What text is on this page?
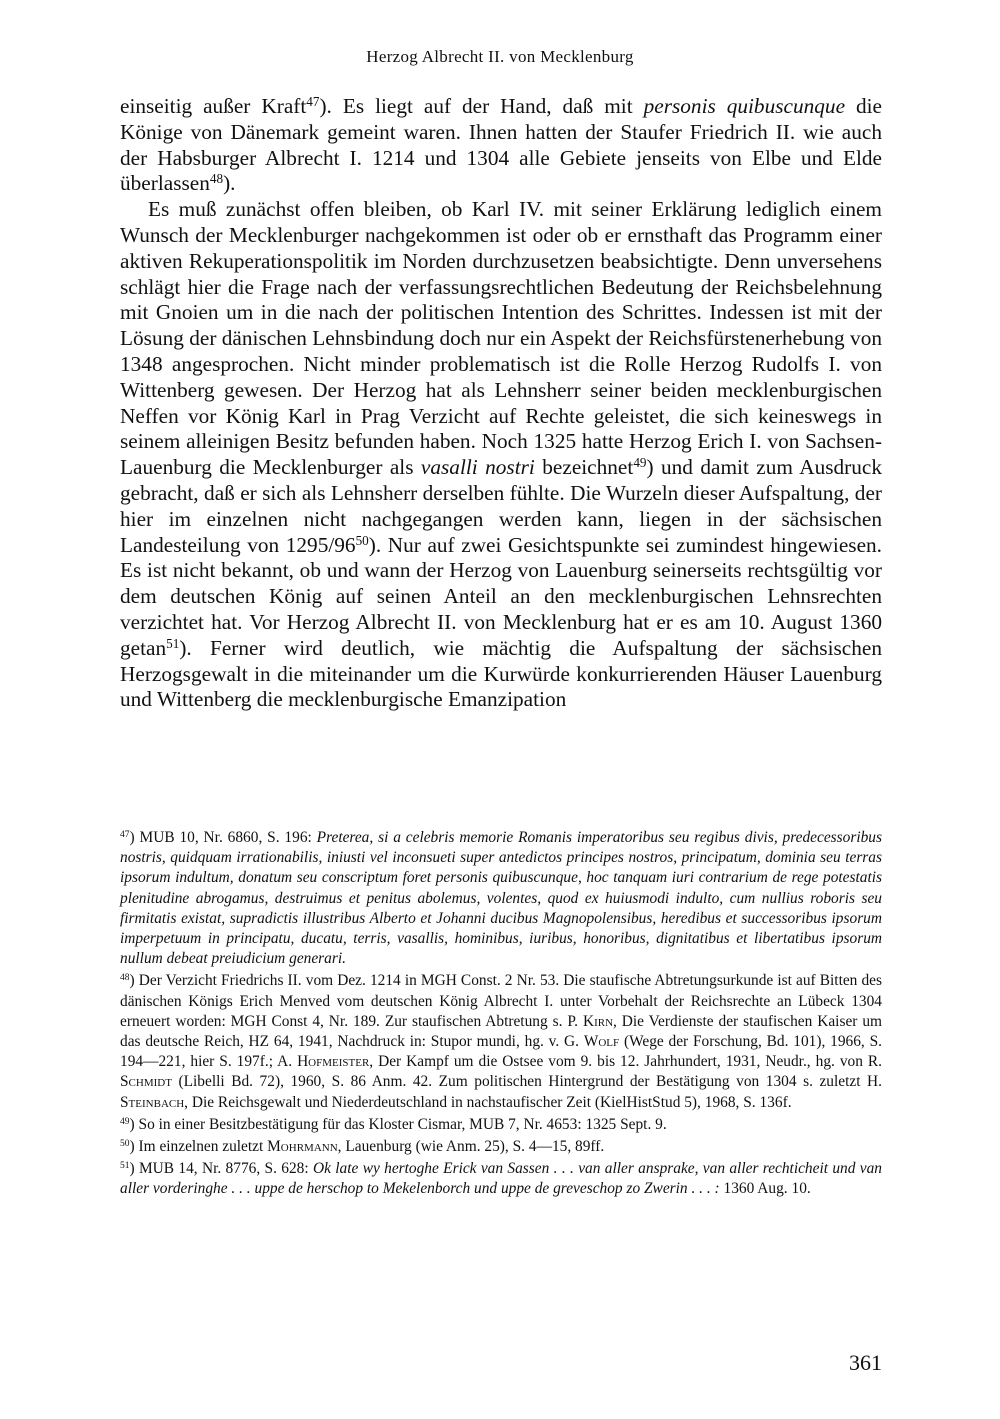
Herzog Albrecht II. von Mecklenburg

einseitig außer Kraft$^{47}$). Es liegt auf der Hand, daß mit personis quibuscunque die Könige von Dänemark gemeint waren. Ihnen hatten der Staufer Friedrich II. wie auch der Habsburger Albrecht I. 1214 und 1304 alle Gebiete jenseits von Elbe und Elde überlassen$^{48}$).

Es muß zunächst offen bleiben, ob Karl IV. mit seiner Erklärung lediglich einem Wunsch der Mecklenburger nachgekommen ist oder ob er ernsthaft das Programm einer aktiven Rekuperationspolitik im Norden durchzusetzen beabsichtigte. Denn unversehens schlägt hier die Frage nach der verfassungsrechtlichen Bedeutung der Reichsbelehnung mit Gnoien um in die nach der politischen Intention des Schrittes. Indessen ist mit der Lösung der dänischen Lehnsbindung doch nur ein Aspekt der Reichsfürstenerhebung von 1348 angesprochen. Nicht minder problematisch ist die Rolle Herzog Rudolfs I. von Wittenberg gewesen. Der Herzog hat als Lehnsherr seiner beiden mecklenburgischen Neffen vor König Karl in Prag Verzicht auf Rechte geleistet, die sich keineswegs in seinem alleinigen Besitz befunden haben. Noch 1325 hatte Herzog Erich I. von Sachsen-Lauenburg die Mecklenburger als vasalli nostri bezeichnet$^{49}$) und damit zum Ausdruck gebracht, daß er sich als Lehnsherr derselben fühlte. Die Wurzeln dieser Aufspaltung, der hier im einzelnen nicht nachgegangen werden kann, liegen in der sächsischen Landesteilung von $1295/96^{50}$). Nur auf zwei Gesichtspunkte sei zumindest hingewiesen. Es ist nicht bekannt, ob und wann der Herzog von Lauenburg seinerseits rechtsgültig vor dem deutschen König auf seinen Anteil an den mecklenburgischen Lehnsrechten verzichtet hat. Vor Herzog Albrecht II. von Mecklenburg hat er es am 10. August 1360 getan$^{51}$). Ferner wird deutlich, wie mächtig die Aufspaltung der sächsischen Herzogsgewalt in die miteinander um die Kurwürde konkurrierenden Häuser Lauenburg und Wittenberg die mecklenburgische Emanzipation

$^{47}$) MUB 10, Nr. 6860, S. 196: Preterea, si a celebris memorie Romanis imperatoribus seu regibus divis, predecessoribus nostris, quidquam irrationabilis, iniusti vel inconsueti super antedictos principes nostros, principatum, dominia seu terras ipsorum indultum, donatum seu conscriptum foret personis quibuscunque, hoc tanquam iuri contrarium de rege potestatis plenitudine abrogamus, destruimus et penitus abolemus, volentes, quod ex huiusmodi indulto, cum nullius roboris seu firmitatis existat, supradictis illustribus Alberto et Johanni ducibus Magnopolensibus, heredibus et successoribus ipsorum imperpetuum in principatu, ducatu, terris, vasallis, hominibus, iuribus, honoribus, dignitatibus et libertatibus ipsorum nullum debeat preiudicium generari.

$^{48}$) Der Verzicht Friedrichs II. vom Dez. 1214 in MGH Const. 2 Nr. 53. Die staufische Abtretungsurkunde ist auf Bitten des dänischen Königs Erich Menved vom deutschen König Albrecht I. unter Vorbehalt der Reichsrechte an Lübeck 1304 erneuert worden: MGH Const 4, Nr. 189. Zur staufischen Abtretung s. P. Kirn, Die Verdienste der staufischen Kaiser um das deutsche Reich, HZ 64, 1941, Nachdruck in: Stupor mundi, hg. v. G. Wolf (Wege der Forschung, Bd. 101), 1966, S. 194—221, hier S. 197f.; A. Hofmeister, Der Kampf um die Ostsee vom 9. bis 12. Jahrhundert, 1931, Neudr., hg. von R. Schmidt (Libelli Bd. 72), 1960, S. 86 Anm. 42. Zum politischen Hintergrund der Bestätigung von 1304 s. zuletzt H. Steinbach, Die Reichsgewalt und Niederdeutschland in nachstaufischer Zeit (KielHistStud 5), 1968, S. 136f.

$^{49}$) So in einer Besitzbestätigung für das Kloster Cismar, MUB 7, Nr. 4653: 1325 Sept. 9.

$^{50}$) Im einzelnen zuletzt Mohrmann, Lauenburg (wie Anm. 25), S. 4—15, 89ff.

$^{51}$) MUB 14, Nr. 8776, S. 628: Ok late wy hertoghe Erick van Sassen . . . van aller ansprake, van aller rechticheit und van aller vorderinghe . . . uppe de herschop to Mekelenborch und uppe de greveschop zo Zwerin . . . : 1360 Aug. 10.

361
